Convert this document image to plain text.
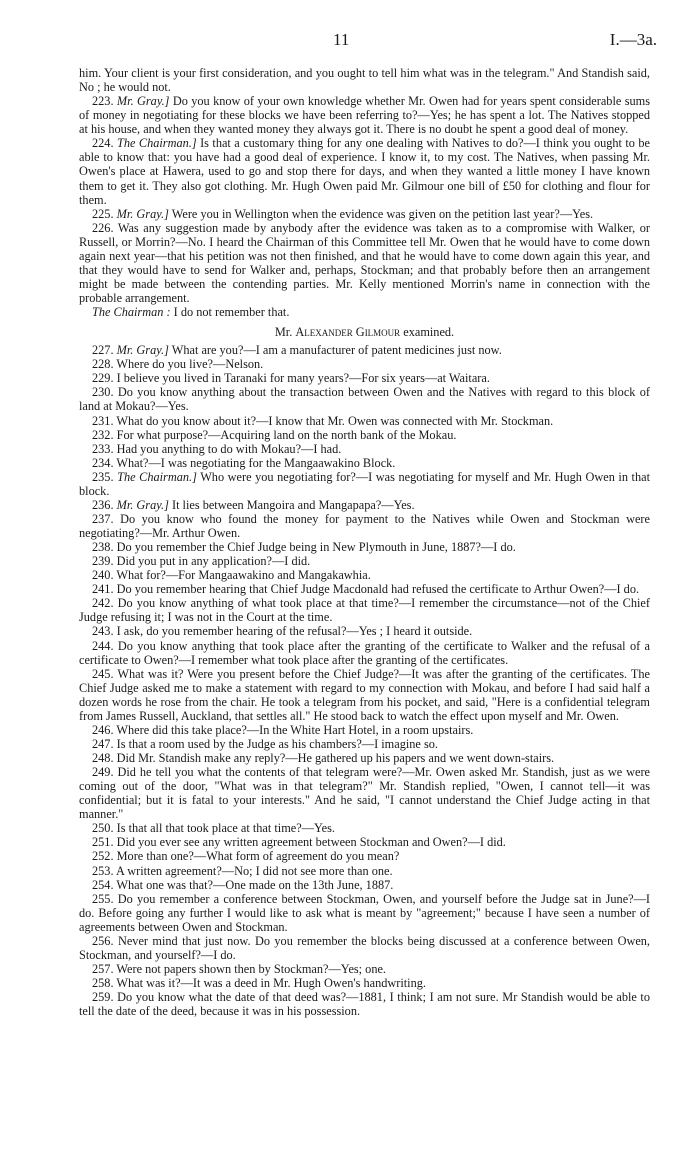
11	I.—3a.

him. Your client is your first consideration, and you ought to tell him what was in the telegram." And Standish said, No ; he would not.

223. Mr. Gray.] Do you know of your own knowledge whether Mr. Owen had for years spent considerable sums of money in negotiating for these blocks we have been referring to?—Yes; he has spent a lot. The Natives stopped at his house, and when they wanted money they always got it. There is no doubt he spent a good deal of money.

224. The Chairman.] Is that a customary thing for any one dealing with Natives to do?—I think you ought to be able to know that: you have had a good deal of experience. I know it, to my cost. The Natives, when passing Mr. Owen's place at Hawera, used to go and stop there for days, and when they wanted a little money I have known them to get it. They also got clothing. Mr. Hugh Owen paid Mr. Gilmour one bill of £50 for clothing and flour for them.

225. Mr. Gray.] Were you in Wellington when the evidence was given on the petition last year?—Yes.

226. Was any suggestion made by anybody after the evidence was taken as to a compromise with Walker, or Russell, or Morrin?—No. I heard the Chairman of this Committee tell Mr. Owen that he would have to come down again next year—that his petition was not then finished, and that he would have to come down again this year, and that they would have to send for Walker and, perhaps, Stockman; and that probably before then an arrangement might be made between the contending parties. Mr. Kelly mentioned Morrin's name in connection with the probable arrangement.

The Chairman : I do not remember that.

Mr. Alexander Gilmour examined.

227. Mr. Gray.] What are you?—I am a manufacturer of patent medicines just now.

228. Where do you live?—Nelson.

229. I believe you lived in Taranaki for many years?—For six years—at Waitara.

230. Do you know anything about the transaction between Owen and the Natives with regard to this block of land at Mokau?—Yes.

231. What do you know about it?—I know that Mr. Owen was connected with Mr. Stockman.

232. For what purpose?—Acquiring land on the north bank of the Mokau.

233. Had you anything to do with Mokau?—I had.

234. What?—I was negotiating for the Mangaawakino Block.

235. The Chairman.] Who were you negotiating for?—I was negotiating for myself and Mr. Hugh Owen in that block.

236. Mr. Gray.] It lies between Mangoira and Mangapapa?—Yes.

237. Do you know who found the money for payment to the Natives while Owen and Stockman were negotiating?—Mr. Arthur Owen.

238. Do you remember the Chief Judge being in New Plymouth in June, 1887?—I do.

239. Did you put in any application?—I did.

240. What for?—For Mangaawakino and Mangakawhia.

241. Do you remember hearing that Chief Judge Macdonald had refused the certificate to Arthur Owen?—I do.

242. Do you know anything of what took place at that time?—I remember the circumstance—not of the Chief Judge refusing it; I was not in the Court at the time.

243. I ask, do you remember hearing of the refusal?—Yes ; I heard it outside.

244. Do you know anything that took place after the granting of the certificate to Walker and the refusal of a certificate to Owen?—I remember what took place after the granting of the certificates.

245. What was it? Were you present before the Chief Judge?—It was after the granting of the certificates. The Chief Judge asked me to make a statement with regard to my connection with Mokau, and before I had said half a dozen words he rose from the chair. He took a telegram from his pocket, and said, "Here is a confidential telegram from James Russell, Auckland, that settles all." He stood back to watch the effect upon myself and Mr. Owen.

246. Where did this take place?—In the White Hart Hotel, in a room upstairs.

247. Is that a room used by the Judge as his chambers?—I imagine so.

248. Did Mr. Standish make any reply?—He gathered up his papers and we went down-stairs.

249. Did he tell you what the contents of that telegram were?—Mr. Owen asked Mr. Standish, just as we were coming out of the door, "What was in that telegram?" Mr. Standish replied, "Owen, I cannot tell—it was confidential; but it is fatal to your interests." And he said, "I cannot understand the Chief Judge acting in that manner."

250. Is that all that took place at that time?—Yes.

251. Did you ever see any written agreement between Stockman and Owen?—I did.

252. More than one?—What form of agreement do you mean?

253. A written agreement?—No; I did not see more than one.

254. What one was that?—One made on the 13th June, 1887.

255. Do you remember a conference between Stockman, Owen, and yourself before the Judge sat in June?—I do. Before going any further I would like to ask what is meant by "agreement;" because I have seen a number of agreements between Owen and Stockman.

256. Never mind that just now. Do you remember the blocks being discussed at a conference between Owen, Stockman, and yourself?—I do.

257. Were not papers shown then by Stockman?—Yes; one.

258. What was it?—It was a deed in Mr. Hugh Owen's handwriting.

259. Do you know what the date of that deed was?—1881, I think; I am not sure. Mr Standish would be able to tell the date of the deed, because it was in his possession.
